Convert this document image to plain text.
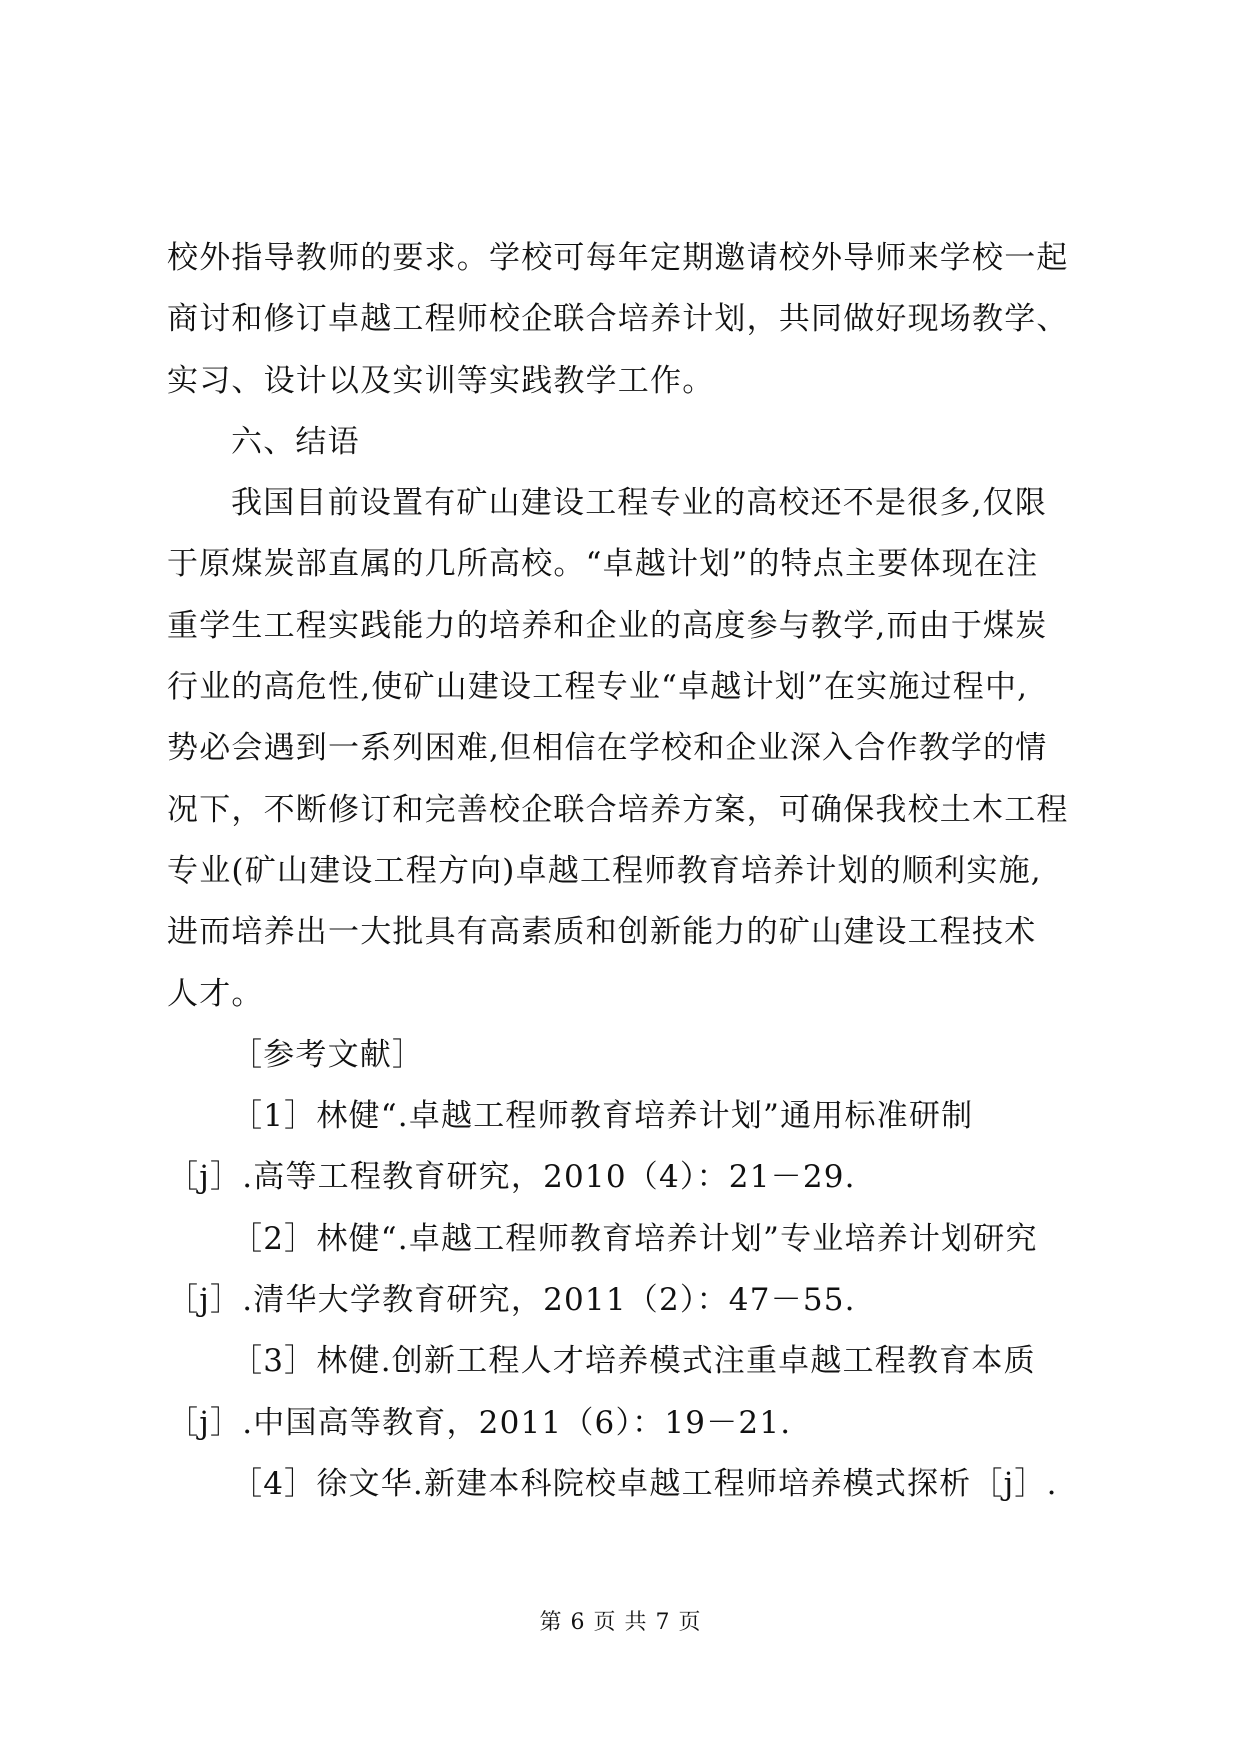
校外指导教师的要求。学校可每年定期邀请校外导师来学校一起
商讨和修订卓越工程师校企联合培养计划，共同做好现场教学、
实习、设计以及实训等实践教学工作。
六、结语
我国目前设置有矿山建设工程专业的高校还不是很多,仅限
于原煤炭部直属的几所高校。“卓越计划”的特点主要体现在注
重学生工程实践能力的培养和企业的高度参与教学,而由于煤炭
行业的高危性,使矿山建设工程专业“卓越计划”在实施过程中,
势必会遇到一系列困难,但相信在学校和企业深入合作教学的情
况下，不断修订和完善校企联合培养方案，可确保我校土木工程
专业(矿山建设工程方向)卓越工程师教育培养计划的顺利实施,
进而培养出一大批具有高素质和创新能力的矿山建设工程技术
人才。
［参考文献］
［1］林健“.卓越工程师教育培养计划”通用标准研制
［j］.高等工程教育研究，2010（4）：21－29.
［2］林健“.卓越工程师教育培养计划”专业培养计划研究
［j］.清华大学教育研究，2011（2）：47－55.
［3］林健.创新工程人才培养模式注重卓越工程教育本质
［j］.中国高等教育，2011（6）：19－21.
［4］徐文华.新建本科院校卓越工程师培养模式探析［j］.
第 6 页 共 7 页
